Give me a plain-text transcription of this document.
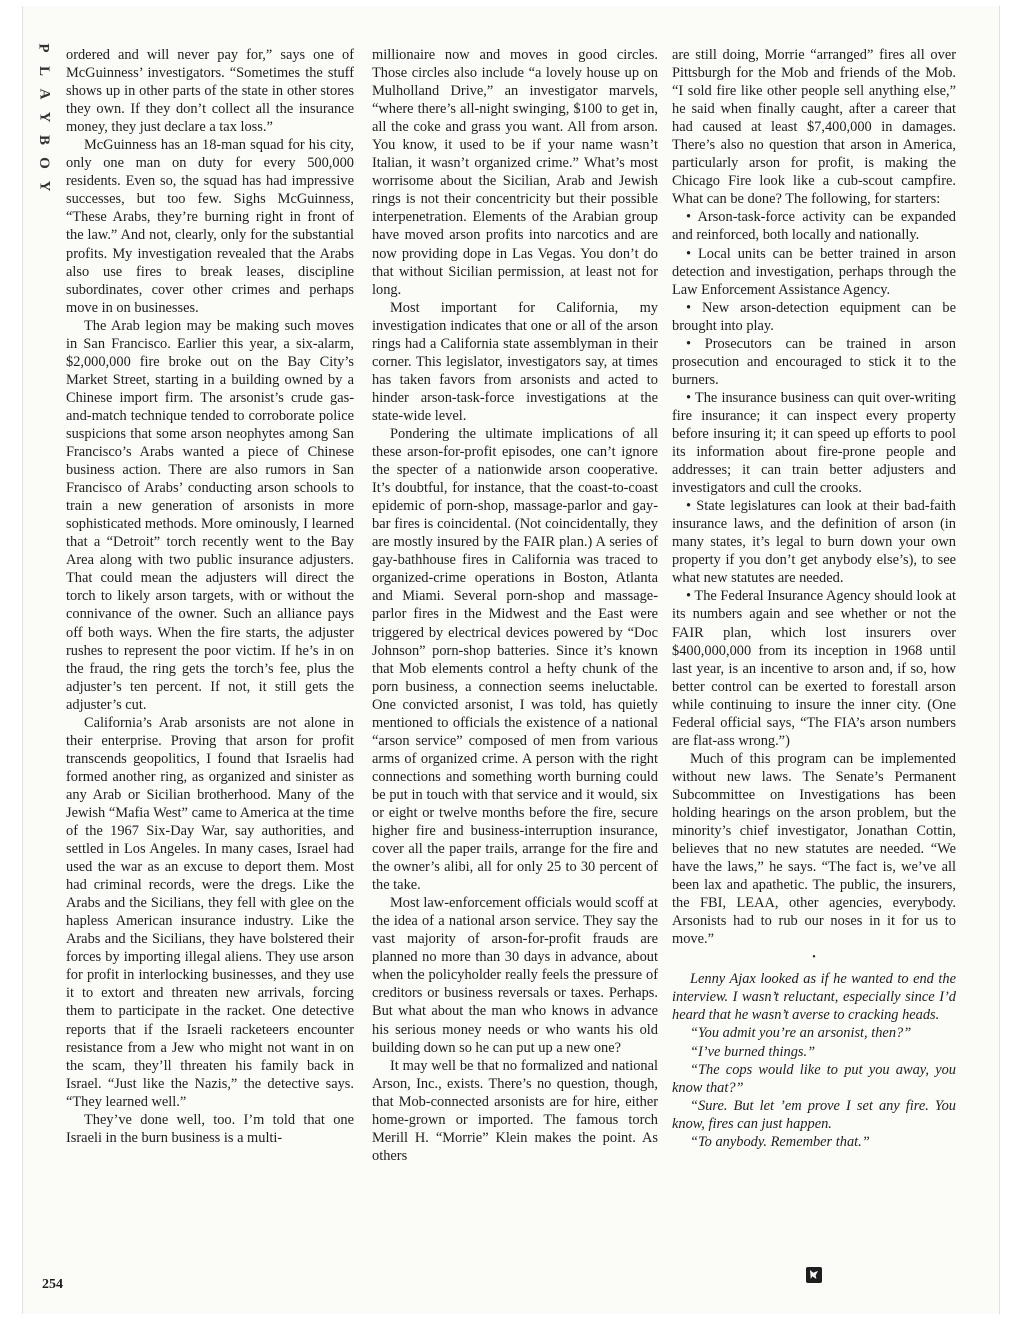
P
L
A
Y
B
O
Y

ordered and will never pay for,” says one of McGuinness’ investigators. “Sometimes the stuff shows up in other parts of the state in other stores they own. If they don’t collect all the insurance money, they just declare a tax loss.”

McGuinness has an 18-man squad for his city, only one man on duty for every 500,000 residents. Even so, the squad has had impressive successes, but too few. Sighs McGuinness, “These Arabs, they’re burning right in front of the law.” And not, clearly, only for the substantial profits. My investigation revealed that the Arabs also use fires to break leases, discipline subordinates, cover other crimes and perhaps move in on businesses.

The Arab legion may be making such moves in San Francisco. Earlier this year, a six-alarm, $2,000,000 fire broke out on the Bay City’s Market Street, starting in a building owned by a Chinese import firm. The arsonist’s crude gas-and-match technique tended to corroborate police suspicions that some arson neophytes among San Francisco’s Arabs wanted a piece of Chinese business action. There are also rumors in San Francisco of Arabs’ conducting arson schools to train a new generation of arsonists in more sophisticated methods. More ominously, I learned that a “Detroit” torch recently went to the Bay Area along with two public insurance adjusters. That could mean the adjusters will direct the torch to likely arson targets, with or without the connivance of the owner. Such an alliance pays off both ways. When the fire starts, the adjuster rushes to represent the poor victim. If he’s in on the fraud, the ring gets the torch’s fee, plus the adjuster’s ten percent. If not, it still gets the adjuster’s cut.

California’s Arab arsonists are not alone in their enterprise. Proving that arson for profit transcends geopolitics, I found that Israelis had formed another ring, as organized and sinister as any Arab or Sicilian brotherhood. Many of the Jewish “Mafia West” came to America at the time of the 1967 Six-Day War, say authorities, and settled in Los Angeles. In many cases, Israel had used the war as an excuse to deport them. Most had criminal records, were the dregs. Like the Arabs and the Sicilians, they fell with glee on the hapless American insurance industry. Like the Arabs and the Sicilians, they have bolstered their forces by importing illegal aliens. They use arson for profit in interlocking businesses, and they use it to extort and threaten new arrivals, forcing them to participate in the racket. One detective reports that if the Israeli racketeers encounter resistance from a Jew who might not want in on the scam, they’ll threaten his family back in Israel. “Just like the Nazis,” the detective says. “They learned well.”

They’ve done well, too. I’m told that one Israeli in the burn business is a multi-

millionaire now and moves in good circles. Those circles also include “a lovely house up on Mulholland Drive,” an investigator marvels, “where there’s all-night swinging, $100 to get in, all the coke and grass you want. All from arson. You know, it used to be if your name wasn’t Italian, it wasn’t organized crime.” What’s most worrisome about the Sicilian, Arab and Jewish rings is not their concentricity but their possible interpenetration. Elements of the Arabian group have moved arson profits into narcotics and are now providing dope in Las Vegas. You don’t do that without Sicilian permission, at least not for long.

Most important for California, my investigation indicates that one or all of the arson rings had a California state assemblyman in their corner. This legislator, investigators say, at times has taken favors from arsonists and acted to hinder arson-task-force investigations at the state-wide level.

Pondering the ultimate implications of all these arson-for-profit episodes, one can’t ignore the specter of a nationwide arson cooperative. It’s doubtful, for instance, that the coast-to-coast epidemic of porn-shop, massage-parlor and gay-bar fires is coincidental. (Not coincidentally, they are mostly insured by the FAIR plan.) A series of gay-bathhouse fires in California was traced to organized-crime operations in Boston, Atlanta and Miami. Several porn-shop and massage-parlor fires in the Midwest and the East were triggered by electrical devices powered by “Doc Johnson” porn-shop batteries. Since it’s known that Mob elements control a hefty chunk of the porn business, a connection seems ineluctable. One convicted arsonist, I was told, has quietly mentioned to officials the existence of a national “arson service” composed of men from various arms of organized crime. A person with the right connections and something worth burning could be put in touch with that service and it would, six or eight or twelve months before the fire, secure higher fire and business-interruption insurance, cover all the paper trails, arrange for the fire and the owner’s alibi, all for only 25 to 30 percent of the take.

Most law-enforcement officials would scoff at the idea of a national arson service. They say the vast majority of arson-for-profit frauds are planned no more than 30 days in advance, about when the policyholder really feels the pressure of creditors or business reversals or taxes. Perhaps. But what about the man who knows in advance his serious money needs or who wants his old building down so he can put up a new one?

It may well be that no formalized and national Arson, Inc., exists. There’s no question, though, that Mob-connected arsonists are for hire, either home-grown or imported. The famous torch Merill H. “Morrie” Klein makes the point. As others

are still doing, Morrie “arranged” fires all over Pittsburgh for the Mob and friends of the Mob. “I sold fire like other people sell anything else,” he said when finally caught, after a career that had caused at least $7,400,000 in damages. There’s also no question that arson in America, particularly arson for profit, is making the Chicago Fire look like a cub-scout campfire. What can be done? The following, for starters:

• Arson-task-force activity can be expanded and reinforced, both locally and nationally.

• Local units can be better trained in arson detection and investigation, perhaps through the Law Enforcement Assistance Agency.

• New arson-detection equipment can be brought into play.

• Prosecutors can be trained in arson prosecution and encouraged to stick it to the burners.

• The insurance business can quit over-writing fire insurance; it can inspect every property before insuring it; it can speed up efforts to pool its information about fire-prone people and addresses; it can train better adjusters and investigators and cull the crooks.

• State legislatures can look at their bad-faith insurance laws, and the definition of arson (in many states, it’s legal to burn down your own property if you don’t get anybody else’s), to see what new statutes are needed.

• The Federal Insurance Agency should look at its numbers again and see whether or not the FAIR plan, which lost insurers over $400,000,000 from its inception in 1968 until last year, is an incentive to arson and, if so, how better control can be exerted to forestall arson while continuing to insure the inner city. (One Federal official says, “The FIA’s arson numbers are flat-ass wrong.”)

Much of this program can be implemented without new laws. The Senate’s Permanent Subcommittee on Investigations has been holding hearings on the arson problem, but the minority’s chief investigator, Jonathan Cottin, believes that no new statutes are needed. “We have the laws,” he says. “The fact is, we’ve all been lax and apathetic. The public, the insurers, the FBI, LEAA, other agencies, everybody. Arsonists had to rub our noses in it for us to move.”

•

Lenny Ajax looked as if he wanted to end the interview. I wasn’t reluctant, especially since I’d heard that he wasn’t averse to cracking heads.

“You admit you’re an arsonist, then?”

“I’ve burned things.”

“The cops would like to put you away, you know that?”

“Sure. But let ’em prove I set any fire. You know, fires can just happen.

“To anybody. Remember that.”

254
